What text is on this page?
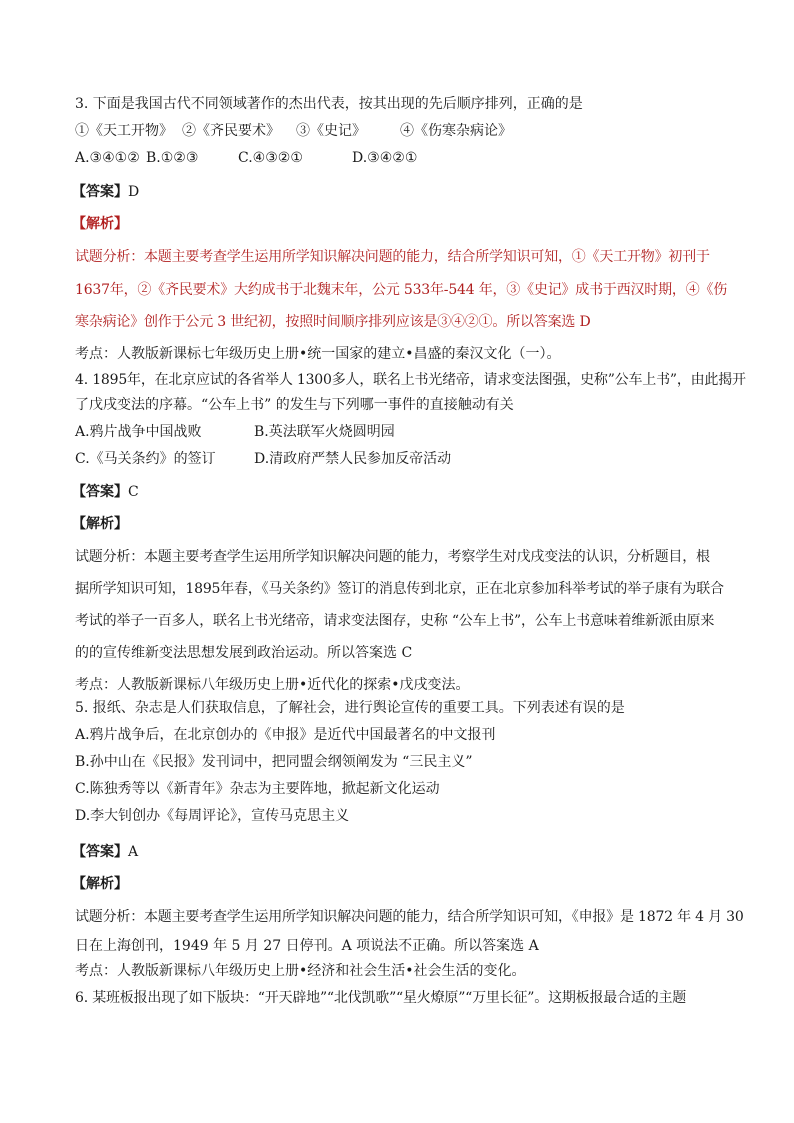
3. 下面是我国古代不同领域著作的杰出代表，按其出现的先后顺序排列，正确的是
①《天工开物》 ②《齐民要术》 ③《史记》 ④《伤寒杂病论》
A.③④①② B.①②③	C.④③②①	D.③④②①
【答案】D
【解析】
试题分析：本题主要考查学生运用所学知识解决问题的能力，结合所学知识可知，①《天工开物》初刊于
1637年，②《齐民要术》大约成书于北魏末年，公元 533年-544 年，③《史记》成书于西汉时期，④《伤
寒杂病论》创作于公元 3 世纪初，按照时间顺序排列应该是③④②①。所以答案选 D
考点：人教版新课标七年级历史上册•统一国家的建立•昌盛的秦汉文化（一）。
4. 1895年，在北京应试的各省举人 1300多人，联名上书光绪帝，请求变法图强，史称”公车上书”，由此揭开
了戊戌变法的序幕。“公车上书” 的发生与下列哪一事件的直接触动有关
A.鸦片战争中国战败	B.英法联军火烧圆明园
C.《马关条约》的签订	D.清政府严禁人民参加反帝活动
【答案】C
【解析】
试题分析：本题主要考查学生运用所学知识解决问题的能力，考察学生对戊戌变法的认识，分析题目，根
据所学知识可知，1895年春，《马关条约》签订的消息传到北京，正在北京参加科举考试的举子康有为联合
考试的举子一百多人，联名上书光绪帝，请求变法图存，史称 “公车上书”，公车上书意味着维新派由原来
的的宣传维新变法思想发展到政治运动。所以答案选 C
考点：人教版新课标八年级历史上册•近代化的探索•戊戌变法。
5. 报纸、杂志是人们获取信息，了解社会，进行舆论宣传的重要工具。下列表述有误的是
A.鸦片战争后，在北京创办的《申报》是近代中国最著名的中文报刊
B.孙中山在《民报》发刊词中，把同盟会纲领阐发为 “三民主义”
C.陈独秀等以《新青年》杂志为主要阵地，掀起新文化运动
D.李大钊创办《每周评论》，宣传马克思主义
【答案】A
【解析】
试题分析：本题主要考查学生运用所学知识解决问题的能力，结合所学知识可知，《申报》是 1872 年 4 月 30
日在上海创刊，1949 年 5 月 27 日停刊。A 项说法不正确。所以答案选 A
考点：人教版新课标八年级历史上册•经济和社会生活•社会生活的变化。
6. 某班板报出现了如下版块：“开天辟地”“北伐凯歌”“星火燎原”“万里长征”。这期板报最合适的主题
